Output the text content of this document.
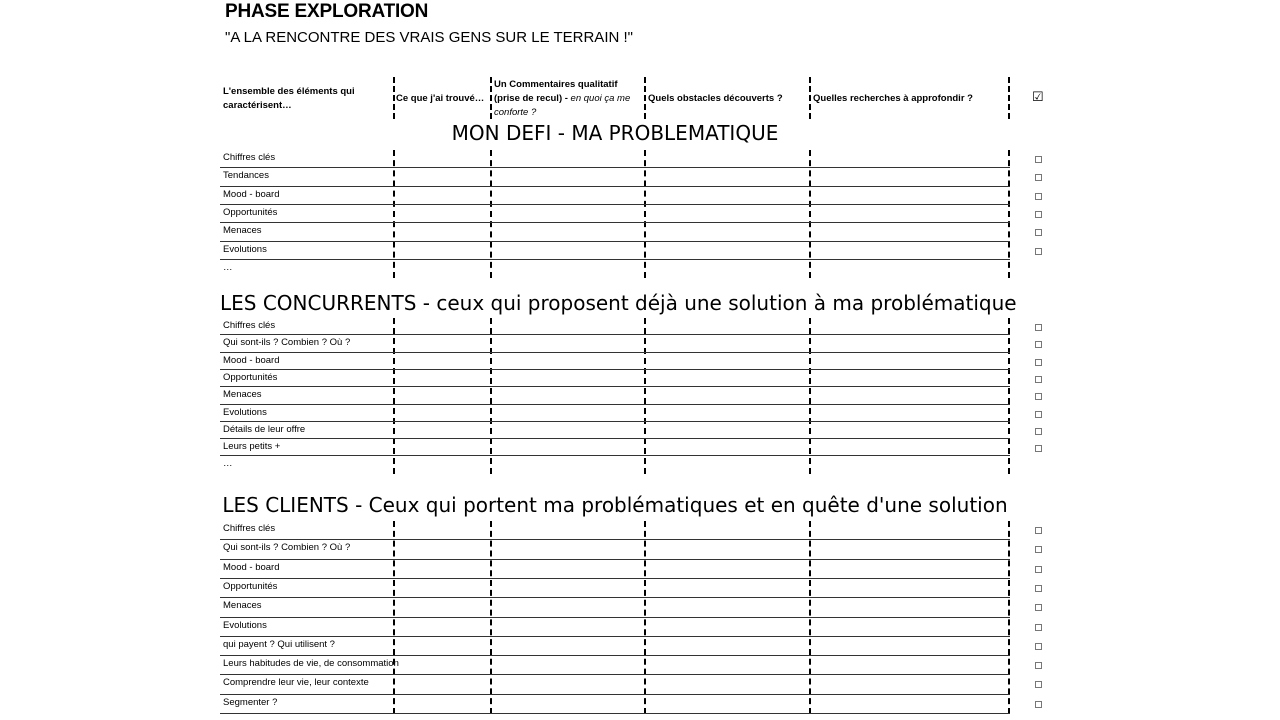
PHASE EXPLORATION

"A LA RENCONTRE DES VRAIS GENS SUR LE TERRAIN !"

L'ensemble des éléments qui caractérisent…
Ce que j'ai trouvé…
Un Commentaires qualitatif (prise de recul) - en quoi ça me conforte ?
Quels obstacles découverts ?	Quelles recherches à approfondir ?	☑
MON DEFI - MA PROBLEMATIQUE
Chiffres clés
Tendances
Mood - board
Opportunités
Menaces
Evolutions
…
LES CONCURRENTS - ceux qui proposent déjà une solution à ma problématique
Chiffres clés
Qui sont-ils ? Combien ? Où ?
Mood - board
Opportunités
Menaces
Evolutions
Détails de leur offre
Leurs petits +
…
LES CLIENTS - Ceux qui portent ma problématiques et en quête d'une solution
Chiffres clés
Qui sont-ils ? Combien ? Où ?
Mood - board
Opportunités
Menaces
Evolutions
qui payent ? Qui utilisent ?
Leurs habitudes de vie, de consommation
Comprendre leur vie, leur contexte
Segmenter ?
